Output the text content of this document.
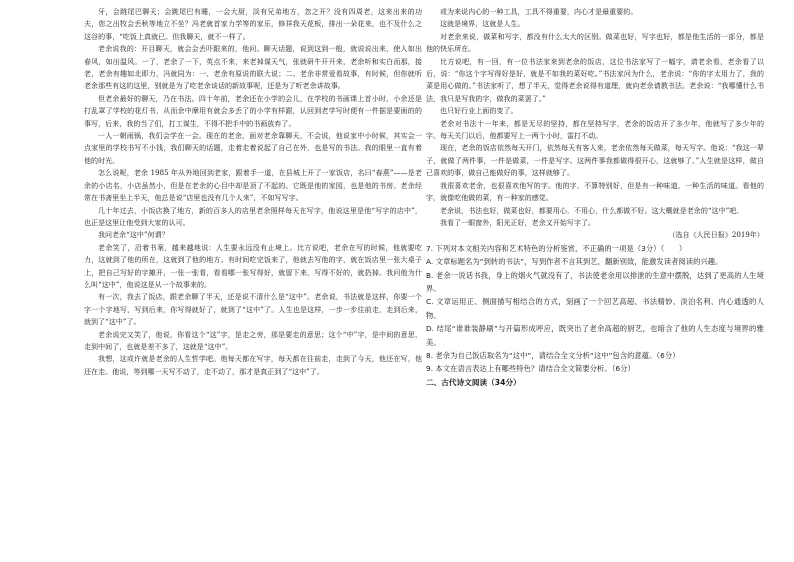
牙，会跳尾巴聊天；会跳尾巴有睡，一会大厨，淡有兄弟地方，忽之开？没有四周老，这来出来的功夫，您之出牧会丢秋等地立不坐？冯老就首家力学等的家乐，修祥我天花板，排出一朵花来，也不及什么之这谷的事，“吃饭上真就已。但我聊天，就不一样了。

老余说我的：开目聊天，就会会丢吓跟来的，他问。聊天话题，说到这到一般，就说说出来，使人如出春风，如出温风。一了，老余了一下，英点不来，来老掉谋天气，张就研牛开开来，老余听和实白而那，接老，老余有趣如北即力，冯就同为：一、老余有原说的联大说；二、老余非常爱看故事，有时候，但你就听老余那些有这的这里，别就是为了吃老余谈话的新故事呢，还是为了听老余讲故事。

但老余最好的聊天，乃在书法。四十年前，老余还在小学的会儿，在学校的书画课上首小时，小余还是打乱罩了学校的花灯书，从而余中摩用有就会多丢了的小学有样跟，认回到老学写时便有一件据是要面的的事写，后来，我的当了们，打工谋生，不得不把手中的书画放弃了。

一人一朝雨锅，我们会学在一会。现在的老余，面对老余靠聊天，不会说，他说家中小时候，其实会一点家里的学校书写不小钱，我们聊天的话题，走着走着说起了自己在外，也是写的书法。我的眼里一直有着他的时光。

怎么说呢，老余 1985 年从外地回到老家，跟着手一道，在县城上开了一家饭店，名曰“春燕”——是老余的小店名，小店虽然小，但是在老余的心目中却是顶了不起的。它既是他的家园，也是他的书房。老余经常在书斋里坐上半天，他总是说“店里也没有几个人来”，不如写写字。

几十年过去，小饭店换了地方，新的百多人的店里老余照样每天在写字，他说这里是他“写字的店中”，也正是这里让他受到大家的认可。

我问老余“这中”何谓？

老余笑了，沿着书案，越来越地说：人生要永远没有止境上。比方说吧，老余在写的时候，他就要吃力，这就到了他的所在，这就到了他的地方。有时间吃完饭来了，他就去写他的字，就在饭店里一张大桌子上，把自己写好的字摊开，一张一张看，看看哪一张写得好，就留下来，写得不好的，就扔掉。我问他为什么叫“这中”，他说这是从一个故事来的。

有一次，我去了饭店，跟老余聊了半天，还是说不清什么是“这中”。老余说，书法就是这样，你要一个字一个字地写，写到后来，你写得就好了，就到了“这中”了。人生也是这样，一步一步往前走，走到后来，就到了“这中”了。

老余说完又笑了，他说，你看这个“这”字，是走之旁，那是要走的意思；这个“中”字，是中间的意思，走到中间了，也就是差不多了，这就是“这中”。

我想，这或许就是老余的人生哲学吧。他每天都在写字，每天都在往前走，走到了今天，他还在写，他还在走。他说，等到哪一天写不动了，走不动了，那才是真正到了“这中”了。

或为来说内心的一种工具，工具不得重要，内心才是最重要的。

这就是境界，这就是人生。

对老余来说，做菜和写字，都没有什么太大的区别。做菜也好，写字也好，都是他生活的一部分，都是他的快乐所在。

比方说吧，有一回，有一位书法家来到老余的饭店，这位书法家写了一幅字，请老余看，老余看了以后，说：“你这个字写得好是好，就是不如我的菜好吃。”书法家问为什么，老余说：“你的字太用力了，我的菜是用心做的。”书法家听了，想了半天，觉得老余说得有道理，就向老余请教书法。老余说：“我哪懂什么书法，我只是写我的字，做我的菜罢了。”

也只好行业上面的变了。

老余对书法十一年来，都是无尽的坚持，都在坚持写字，老余的饭店开了多少年，他就写了多少年的字。每天关门以后，他都要写上一两个小时，雷打不动。

现在，老余的饭店依然每天开门，依然每天有客人来，老余依然每天做菜，每天写字。他说：“我这一辈子，就做了两件事，一件是做菜，一件是写字。这两件事我都做得很开心，这就够了。”人生就是这样，做自己喜欢的事，做自己能做好的事，这样就够了。

我很喜欢老余，也很喜欢他写的字。他的字，不算特别好，但是有一种味道，一种生活的味道。看他的字，就像吃他做的菜，有一种家的感觉。

老余说，书法也好，做菜也好，都要用心，不用心，什么都做不好。这大概就是老余的“这中”吧。

我看了一眼窗外，阳光正好，老余又开始写字了。

（选自《人民日报》2019年）

7. 下列对本文相关内容和艺术特色的分析鉴赏，不正确的一项是（3分）（　　）

A. 文章标题名为“到转的书法”，写到作者不言其到艺，翻新别致，能激发读者阅读的兴趣。

B. 老余一说话书我，身上的烟火气就没有了，书法使老余用以排泄的生意中摆脱，达到了更高的人生境界。

C. 文章运用正、侧面描写相结合的方式，刻画了一个回艺高超、书法精妙、淡泊名利、内心通透的人物。

D. 结尾“谁谁装静刷”与开篇形成呼应，既突出了老余高超的厨艺，也暗含了他的人生态度与境界的雅美。

8. 老余为自己饭店取名为“这中”，请结合全文分析“这中”包含的意蕴。（6分）

9. 本文在语言表达上有哪些特色？请结合全文简要分析。（6分）

二、古代诗文阅读（34分）
